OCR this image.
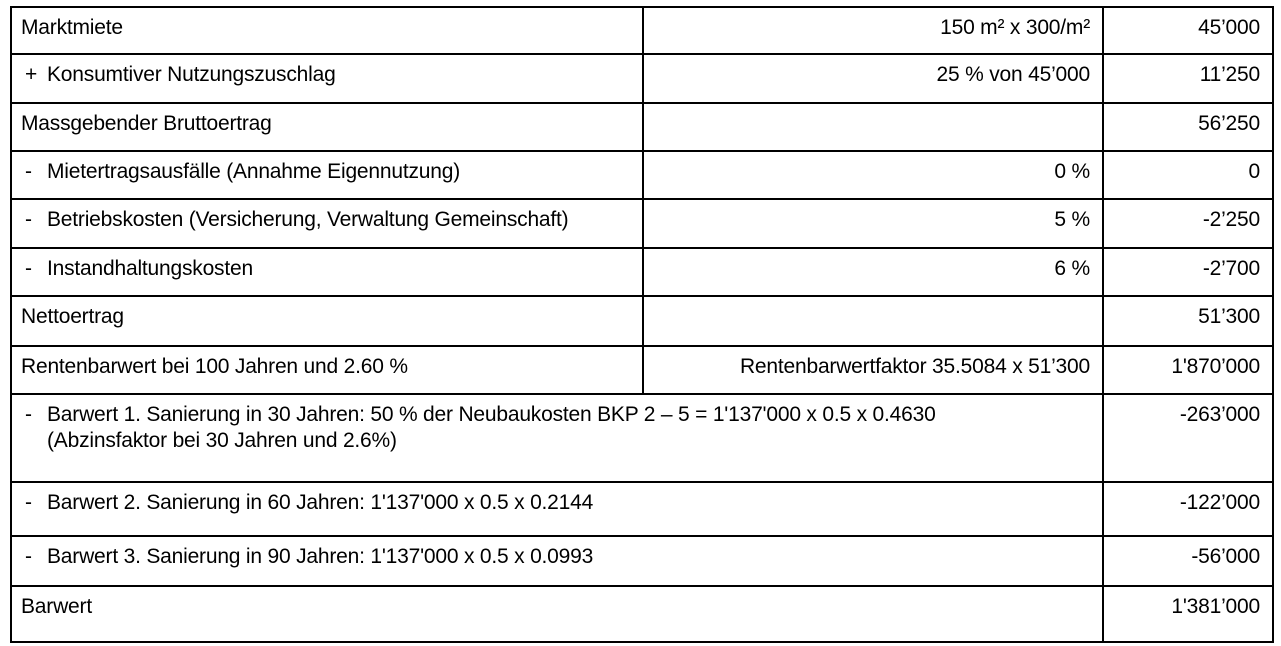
Marktmiete	150 m² x 300/m²	45’000

+ Konsumtiver Nutzungszuschlag	25 % von 45’000	11’250

Massgebender Bruttoertrag		56’250

- Mietertragsausfälle (Annahme Eigennutzung)	0 %	0

- Betriebskosten (Versicherung, Verwaltung Gemeinschaft)	5 %	-2’250

- Instandhaltungskosten	6 %	-2’700

Nettoertrag		51’300

Rentenbarwert bei 100 Jahren und 2.60 %	Rentenbarwertfaktor 35.5084 x 51’300	1'870’000

- Barwert 1. Sanierung in 30 Jahren: 50 % der Neubaukosten BKP 2 – 5 = 1'137'000 x 0.5 x 0.4630
(Abzinsfaktor bei 30 Jahren und 2.6%)		-263’000

- Barwert 2. Sanierung in 60 Jahren: 1'137'000 x 0.5 x 0.2144		-122’000

- Barwert 3. Sanierung in 90 Jahren: 1'137'000 x 0.5 x 0.0993		-56’000

Barwert		1'381’000
